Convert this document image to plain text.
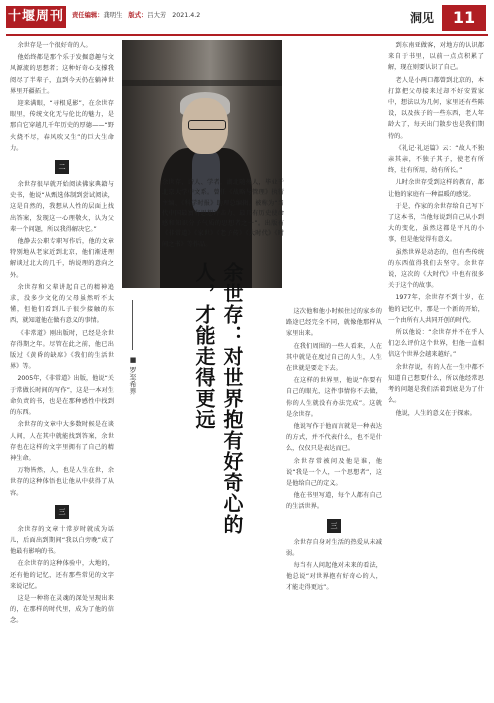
十堰周刊	责任编辑：龚明生 版式：吕大芳 2021.4.2	洞见	11

余世存是一个很好奇的人。

他始终都是那个乐于发掘意趣与文风源流的思想者；这种好奇心支撑我阅尽了半辈子，直到今天仍在躺神世界里开疆拓土。

迎来满眼，“寻根觅影”，在余世存眼里，传统文化无与伦比的魅力，是那自它穿越几千年历史的厚德——“野火烧不尽，春风吹又生”的巨大生命力。

二

余世存很早就开始阅读佛家典籍与史书，他说“从甄选体制到尝试阅读，这是自然的，我想从人性的层面上找出答案，发现这一心理敬火，认为父辈一个问题，所以我得解决它。”

他静去公职专职写作后，他的文章特别地从老家近到北京，他们渐进理解谈过北大的几千，纳说理的意向之外。

余世存和父辈讲起自己的精神追求，没多少文化的父母虽然听不太懂，但他们看到儿子很少接触的东西，就知道他在做有意义的事情。

《非常道》刚出版时，已经是余世存得期之年。尽管在此之前，他已出版过《黄昏的缺席》《我们的生活世界》等。

2005年，《非常道》出版，他说“关于常做长时间的写作”，这是一本对生命负责的书，也是在那种感性中找到的东西。

余世存的文章中大多数时候是在谈人间，人在其中就能找到答案，余世存也在这样的文字里拥有了自己的精神生命。

万物皆然，人，也是人生在世，余世存的这种体悟也让他从中获得了从容。

三

余世存的文章十常岁时就成为话儿，后面出到期间“我以白旁晚”成了他最有影响的书。

在余世存的这种体验中，大地的，还有他的记忆，还有那些常见的文字来说记忆。

这是一种将在灵魂的深处呈现出来的，在那样的时代里，成为了他的信念。

余世存，诗人、学者。湖北随州人，毕业于北京大学中文系。曾任《战略与管理》执行主编、《科学时报》助理总编辑。被称为“当代中国最富有思想冲击力、最具有历史使命感和知识分子气质的思想者之一”。出版有《非常道》《家世》《老子传》《大时代》《时间之书》等作品。
■ 罗至希界	余世存：对世界抱有好奇心的人，才能走得更远	这次他和他小时候住过的家乡的路途已经完全不同，就像他那样从家里出来。

在我们周围的一些人看来，人在其中就是在度过自己的人生，人生在世就是要走下去。

在这样的世界里，他说“你要有自己的眼光，这件事情你不去做，你的人生就没有办法完成”。这就是余世存。

他说写作于他而言就是一种表达的方式，并不代表什么，也不是什么，仅仅只是表达而已。

余世存常被问及他是谁，他说“我是一个人，一个思想者”，这是他给自己的定义。

他在书里写道，每个人都有自己的生活世界。

三

余世存自身对生活的热爱从未减弱。

每当有人问起他对未来的看法，他总说“对世界抱有好奇心的人，才能走得更远”。

到东南亚做客，对地方的认识都来自于书里，以前一点点积累了解，现在则要认识了自己。

老人是小两口都曾到北京的，本打算把父母接来过却不好安置家中，想法以为几何，家里还有些陈设，以及孩子的一些东西，老人年龄大了，每天出门散步也是我们期待的。

《礼记·礼运篇》云：“故人不独亲其亲，不独子其子，使老有所终，壮有所用，幼有所长。”

儿时余世存受到这样的教育，都让他的家庭有一种温暖的感觉。

于是，作家的余世存给自己写下了这本书，当他每说到自己从小到大的变化，虽然这都是平凡的小事，但是他觉得有意义。

虽然世界是动态的，但有些传统的东西值得我们去坚守。余世存说，这次的《大时代》中也有很多关于这个的故事。

1977年，余世存不到十岁，在他的记忆中，那是一个新的开始，一个由所有人共同开创的时代。

所以他说：“余世存并不在乎人们怎么评价这个世界，但他一直相信这个世界会越来越好。”

余世存说，有的人在一生中都不知道自己想要什么，所以他经常思考的问题是我们活着到底是为了什么。

他说，人生的意义在于探索。
